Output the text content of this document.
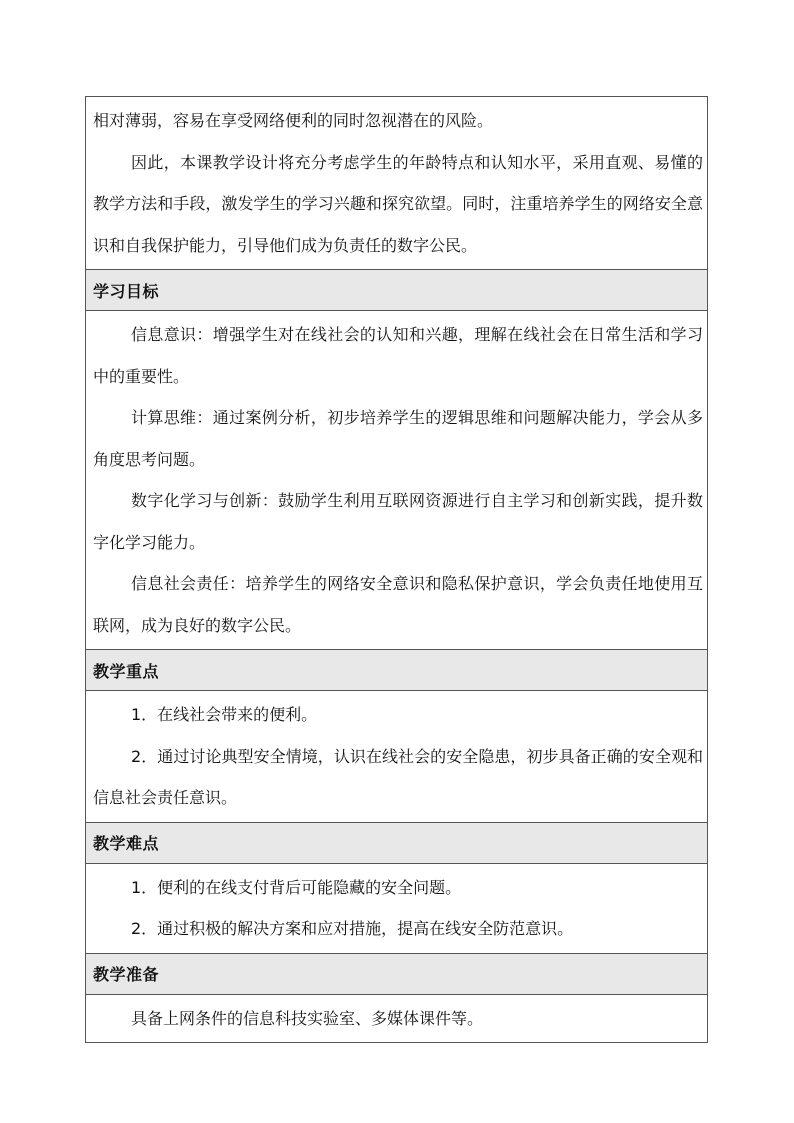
相对薄弱，容易在享受网络便利的同时忽视潜在的风险。

因此，本课教学设计将充分考虑学生的年龄特点和认知水平，采用直观、易懂的教学方法和手段，激发学生的学习兴趣和探究欲望。同时，注重培养学生的网络安全意识和自我保护能力，引导他们成为负责任的数字公民。

学习目标

信息意识：增强学生对在线社会的认知和兴趣，理解在线社会在日常生活和学习中的重要性。

计算思维：通过案例分析，初步培养学生的逻辑思维和问题解决能力，学会从多角度思考问题。

数字化学习与创新：鼓励学生利用互联网资源进行自主学习和创新实践，提升数字化学习能力。

信息社会责任：培养学生的网络安全意识和隐私保护意识，学会负责任地使用互联网，成为良好的数字公民。

教学重点

1．在线社会带来的便利。

2．通过讨论典型安全情境，认识在线社会的安全隐患，初步具备正确的安全观和信息社会责任意识。

教学难点

1．便利的在线支付背后可能隐藏的安全问题。

2．通过积极的解决方案和应对措施，提高在线安全防范意识。

教学准备

具备上网条件的信息科技实验室、多媒体课件等。
